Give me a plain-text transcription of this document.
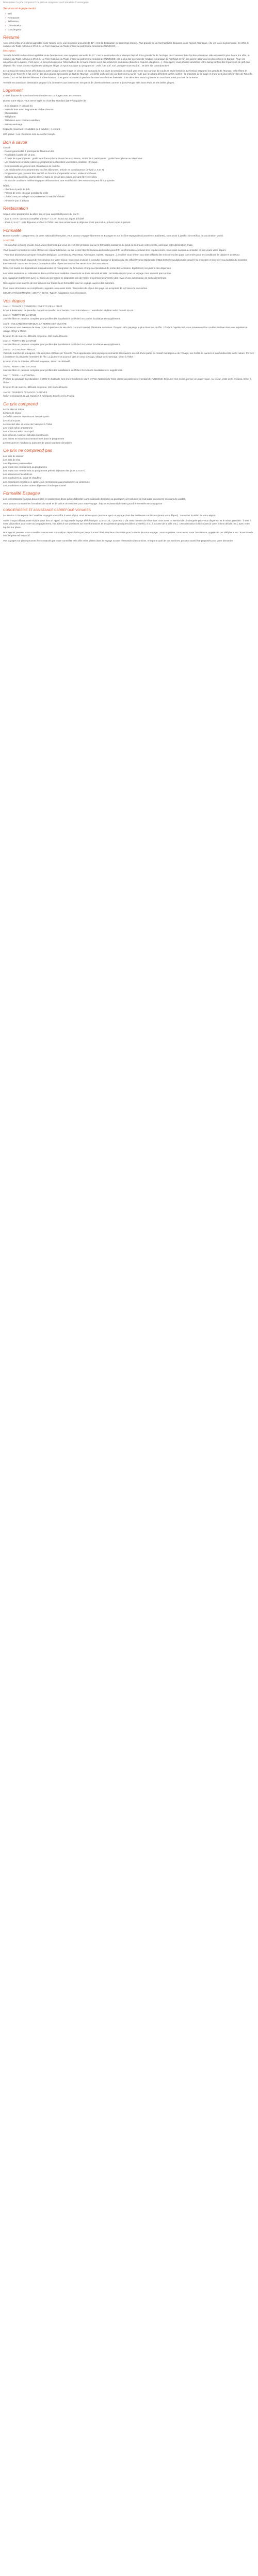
Description Ce prix comprend / Ce prix ne comprend pas Formalités Conciergerie
Services et équipements
✓ Wifi
✓ Restaurant
✓ Télévision
✓ Climatisation
✓ Conciergerie
Résumé

Avec le bénéfice d'un climat agréable toute l'année avec une moyenne annuelle de 22°, c'est la destination du printemps éternel. Plus grande île de l'archipel des Canaries dans l'océan Atlantique, elle est aussi la plus haute. En effet, le sommet du Teide culmine à 3718 m. Le Parc National du Teide, inscrit au patrimoine mondial de l'UNESCO, ...

Description

Tenerife bénéficie d'un climat agréable toute l'année avec une moyenne annuelle de 22° c'est la destination du printemps éternel. Plus grande île de l'archipel des Canaries dans l'océan Atlantique, elle est aussi la plus haute. En effet, le sommet du Teide culmine à 3718 m. Le Parc National du Teide, inscrit au patrimoine mondial de l'UNESCO, est la plus bel exemple de l'origine volcanique de l'archipel et l'un des parcs nationaux les plus visités en Europe. Pour vos amoureux de la nature, c'est aussi un lieu privilégié pour l'observation de la faune marine avec des croisières en bateau (baleines, requins, dauphins....). Côté sport, vous pourrez améliorer votre swing sur l'un des 8 parcours de golf dont dispose l'île. Vous pourrez également pratiquer l'hiver un sport nautique au programme : voile, kite surf, surf, plongée sous-marine... et bien sûr la randonnée !

Le carnaval de Santa Cruz offre bien un autre visage à votre étape ce circuit. Ce carnaval de rue dans la semaine du mardi gras avec son cortège de couleurs et de festivités, Le festival est parmi les grands de l'Europe, celle fêtent le Carnaval de Tenerife. Il fait voir un des plus grands spectacles de l'art de l'Europe. Un défilé orchestré de joie bien connu sur la route que les chars déferlent sur les ruelles : la proximité de la plage et d'une des plus belles villes de Tenerife, Santa Cruz se fait dernier élément à votre évasion... Les gens retrouvent à pied sur la route les célèbres festivités : il se déroulera toute la journée en marchant aussi proches de la Reine...

Tenerife est aussi une destination propice à la détente et aux loisirs avec ses parcs de divertissements comme le Loro Parque et le Siam Park, et ses belles plages.

Logement

L'hôtel dispose de 236 chambres réparties sur 10 étages avec ascenseurs.

Durant votre séjour, vous serez logés en chambre standard (25 m²) équipée de :

- 2 lits simples (+ canapé lit)
- Salle de bain avec baignoire et sèche-cheveux
- Climatisation
- Téléphone
- Télévision avec chaînes satellites
- Balcon aménagé

Capacité maximum : 3 adultes ou 2 adultes + 1 enfant.

Wifi gratuit : Les chambres sont de confort simple.

Bon à savoir
Circuit :
- Départ garanti dès 2 participants. Maximum 50.
- Réalisable à partir de 18 ans.
- À partir de 6 participants : guide local francophone durant les excursions, moins de 6 participants : guide francophone au téléphone.
- Les randonnées incluses dans ce programme nécessitent une bonne condition physique.
- Il est conseillé de prévoir des chaussures de marche.
- Les randonnées se comprennent pas les déjeuners, prévoir en conséquence (prévoir 2, 5 et 7).
- Programme type pouvant être modifié en fonction d'impératifs locaux, visites imprévues.
- Selon la jour d'arrivée, journée libre et sans de circuit des visites pouvant être inversées.
- En cas de conditions météorologiques défavorables, une modification des excursions peut être proposée.
Hôtel :
- Check-in à partir de 14h
- Prévoir de venir dès que possible la veille
- L'hôtel n'est pas adapté aux personnes à mobilité réduite.
- Arrivée le jour à 10h ou
Restauration

Séjour selon programme du dîner du 1er jour au petit déjeuner du jour 8 :

- Jour 2, 4 et 6 : pension complète 1/4 eau + 1/4 vin inclus aux repas à l'hôtel

- Jours 3, 5 et 7 : petit déjeuner et dîner à l'hôtel, lors des randonnées le déjeuner n'est pas inclus, prévoir repas à prévoir.

Formalité

Bonne nouvelle : Compte tenu de votre nationalité française, vous pouvez voyager librement en Espagne et sur les îles espagnoles (Canaries et Baléares), sans avoir à justifier de certificat de vaccination Covid.

À NOTER

- En cas d'un vol avec escale, nous vous informons que vous devrez être présenté au sur le formalités sanitaires du pays où se trouve votre escale, ainsi que votre destination finale.

Vous pouvez consulter les sites officiels en cliquant dessous, ou sur le site http:XXXX/www.diplomatie.gouv.fr/fr/ Les formalités évoluant très régulièrement, nous vous invitons à consulter ce lien avant votre départ.

- Pour tout départ d'un aéroport frontalier (Belgique, Luxembourg, Pays-Bas, Allemagne, Suisse, Espagne...), veuillez vous référer aux sites officiels des ministères des pays concernés pour les conditions de départ et de retour.

Concernant l'éventuel impact de Coronavirus sur votre séjour, nous vous invitons à consulter la page ci-dessous du site officiel France Diplomatie (https:XXXX/www.diplomatie.gouv.fr) Ce ministère et son nouveau bulletin du ministère international concernant le virus Coronavirus et les répercussions sur les restrictions de toute nature.

Réservez toutes les dispositions internationales et, l'intégration de fermeture et trop ou interdiction de sortie des territoires. Également, les jardins des dépenses.

Les tuiles sanitaires ou calendaires dans cet État sont valables cessent de ne toute sécurité et frais ; la totalité du port pour un voyage n'est souvent pas connue.

Les voyageurs également avec ou sans une personne ne disposent pas de l'ordre les personnes d'entrée des revus d'une autorisation de sortie de territoire.

Renseignez-vous auprès de nos services sur toutes leurs formalités pour ce voyage, auprès des autorités.

Pour toute information ou complément, appelez-nous avant toute réservation de séjour des pays qui acceptent de la France le jour même.

COURANT ÉLECTRIQUE : 230 V et 50 Hz. Type F. Adaptateur non nécessaire.

Vos étapes
Jour 1 : FRANCE > TENERIFE / PUERTO DE LA CRUZ
Envol à destination de Tenerife. Accueil et transfert au Checkin Concorde Palace 4*. Installation et dîner selon horaire du vol.
Jour 2 : PUERTO DE LA CRUZ
Journée libre en pension complète pour profiter des installations de l'hôtel. Excursion facultative en supplément.
Jour3 : VOLCANO HISTORIQUE, LA TERRE EST VIVANTE
Commencez une aventure de deux (2) km à pied vers le site de la Corona Forestal, l'itinéraire du volcan Chinyero et la paysage le plus étonnant de l'île. Tôt dans l'après-midi, vous traverserez les coulées de lave dans une expérience unique. Dîner à l'hôtel.
Environ 4h de marche, difficulté moyenne, 250 m de dénivelé.
Jour 4 : PUERTO DE LA CRUZ
Journée libre en pension complète pour profiter des installations de l'hôtel. Excursion facultative en supplément.
Jour 5 : LA LAGUNA - ANAGA
Visite du marché de la Laguna, ville des plus célèbres de Tenerife. Vous apprécierez des paysages étonnants. Découverte en 4x4 d'une partie du massif montagneux de l'Anaga, ses forêts de lauriers et son biodiversité de la nature. Pensez à conserver la plaquette forestière de l'île. La journée se poursuit vers le cœur d'Anaga, village de Chamorga. Dîner à l'hôtel.
Environ 3h30 de marche, difficulté moyenne, 300 m de dénivelé.
Jour 6 : PUERTO DE LA CRUZ
Journée libre en pension complète pour profiter des installations de l'hôtel. Excursions facultatives en supplément.
Jour 7 : TEIDE - LA CORONA
Profitez du paysage spectaculaire, à 2000 m d'altitude, lors d'une randonnée dans le Parc National du Teide classé au patrimoine mondial de l'UNESCO. Déjeuner non inclus, prévoir un pique-nique. Au retour, visite de la Orotava. Dîner à l'hôtel.
Environ 3h de marche, difficulté moyenne, 150 m de dénivelé.
Jour 8 : TENERIFE / FRANCE / ARRIVÉE
Selon les horaires de vol, transfert à l'aéroport. Envol vers la France.
Ce prix comprend
Le vol aller et retour
Le taxe de séjour
Le forfait taxes et redevances des aéroports
Le circuit 8 jours
Le transfert aller et retour de l'aéroport à l'hôtel
Les repas selon programme
Les boissons selon descriptif
Les services, loisirs et activités mentionnés
Les visites et excursions mentionnées dans le programme
Le transport en minibus ou autocars de grand tourisme climatisés
Ce prix ne comprend pas
Les frais de dossier
Les frais de visa
Les dépenses personnelles
Les repas non mentionnés au programme
Les repas non mentionnés au programme prévoir déjeuner des jours 3, 5 et 7)
Les assurances facultatives
Les pourboires au guide et chauffeur
Les excursions et visites en option, non mentionnées au programme ou contenues
Les pourboires et toutes autres dépenses d'ordre personnel
Formalité Espagne

Les ressortissants français doivent être en possession d'une pièce d'identité (carte nationale d'identité ou passeport, à l'exclusion de tout autre document) en cours de validité.

Vous pouvez consulter les formalités de santé et de police nécessaires pour votre voyage : http://XXX/www.diplomatie.gouv.fr/fr/conseils-aux-voyageurs

CONCIERGERIE ET ASSISTANCE CARREFOUR VOYAGES

Le Service Conciergerie de Carrefour Voyages vous offre à votre séjour, vous aidera pour que vous ayez un voyage dans les meilleures conditions (avant votre départ) : consultez la vidéo de votre séjour.

Avant chaque départ, notre équipe vous fera un appel, un rapport de voyage téléphonique. 24h sur 24, 7 jours sur 7 via votre numéro de téléphone, vous avez un service de conciergerie pour vous dispenser et le mieux possible : il sera à votre disposition pour votre accompagnement, vos aider à vos questions sur les informations et les questions pratiques (billets d'entrée), à la, à la carte de la ville, etc.). Une assistance à l'aéroport (si votre vol est décalé, etc.) avec votre équipe sur place.

Nos agents peuvent vous conseiller concernant votre séjour depuis l'aéroport jusqu'à votre hôtel, des lieux d'activités pour la durée de votre voyage : vous organiser. Vous aurez toute l'assistance, appelez-le par téléphone au : le service de conciergerie est rétroactif.

Vos voyages sur place peuvent être contactés par votre conseiller et la ville et les visites dans le voyage ou une réservation d'excursions. N'importe quel de ces services, peuvent aussi être proposés pour votre demande.
